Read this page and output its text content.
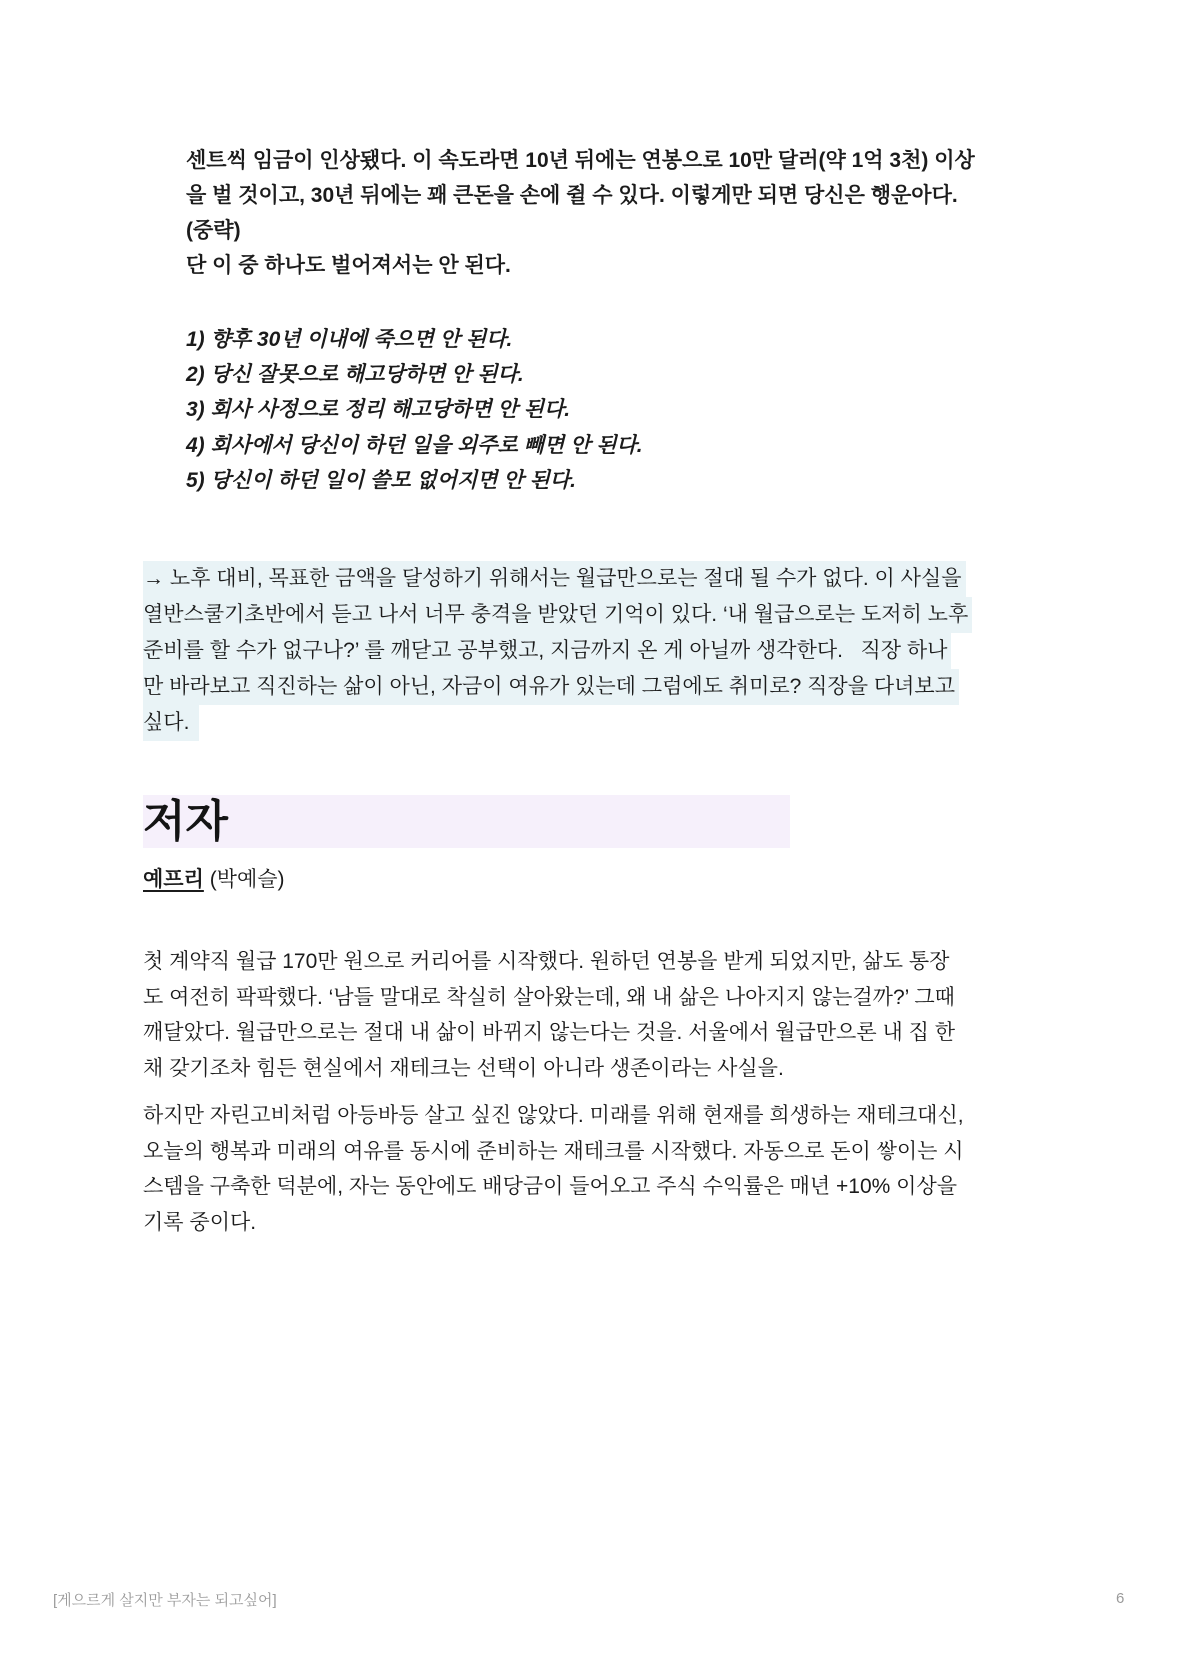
센트씩 임금이 인상됐다. 이 속도라면 10년 뒤에는 연봉으로 10만 달러(약 1억 3천) 이상
을 벌 것이고, 30년 뒤에는 꽤 큰돈을 손에 쥘 수 있다. 이렇게만 되면 당신은 행운아다.
(중략)
단 이 중 하나도 벌어져서는 안 된다.
1) 향후 30년 이내에 죽으면 안 된다.
2) 당신 잘못으로 해고당하면 안 된다.
3) 회사 사정으로 정리 해고당하면 안 된다.
4) 회사에서 당신이 하던 일을 외주로 빼면 안 된다.
5) 당신이 하던 일이 쓸모 없어지면 안 된다.
→ 노후 대비, 목표한 금액을 달성하기 위해서는 월급만으로는 절대 될 수가 없다. 이 사실을
열반스쿨기초반에서 듣고 나서 너무 충격을 받았던 기억이 있다. ‘내 월급으로는 도저히 노후
준비를 할 수가 없구나?’ 를 깨닫고 공부했고, 지금까지 온 게 아닐까 생각한다.   직장 하나
만 바라보고 직진하는 삶이 아닌, 자금이 여유가 있는데 그럼에도 취미로? 직장을 다녀보고
싶다.
저자
예프리 (박예슬)
첫 계약직 월급 170만 원으로 커리어를 시작했다. 원하던 연봉을 받게 되었지만, 삶도 통장
도 여전히 팍팍했다. ‘남들 말대로 착실히 살아왔는데, 왜 내 삶은 나아지지 않는걸까?’ 그때
깨달았다. 월급만으로는 절대 내 삶이 바뀌지 않는다는 것을. 서울에서 월급만으론 내 집 한
채 갖기조차 힘든 현실에서 재테크는 선택이 아니라 생존이라는 사실을.
하지만 자린고비처럼 아등바등 살고 싶진 않았다. 미래를 위해 현재를 희생하는 재테크대신,
오늘의 행복과 미래의 여유를 동시에 준비하는 재테크를 시작했다. 자동으로 돈이 쌓이는 시
스템을 구축한 덕분에, 자는 동안에도 배당금이 들어오고 주식 수익률은 매년 +10% 이상을
기록 중이다.
[게으르게 살지만 부자는 되고싶어]	6
